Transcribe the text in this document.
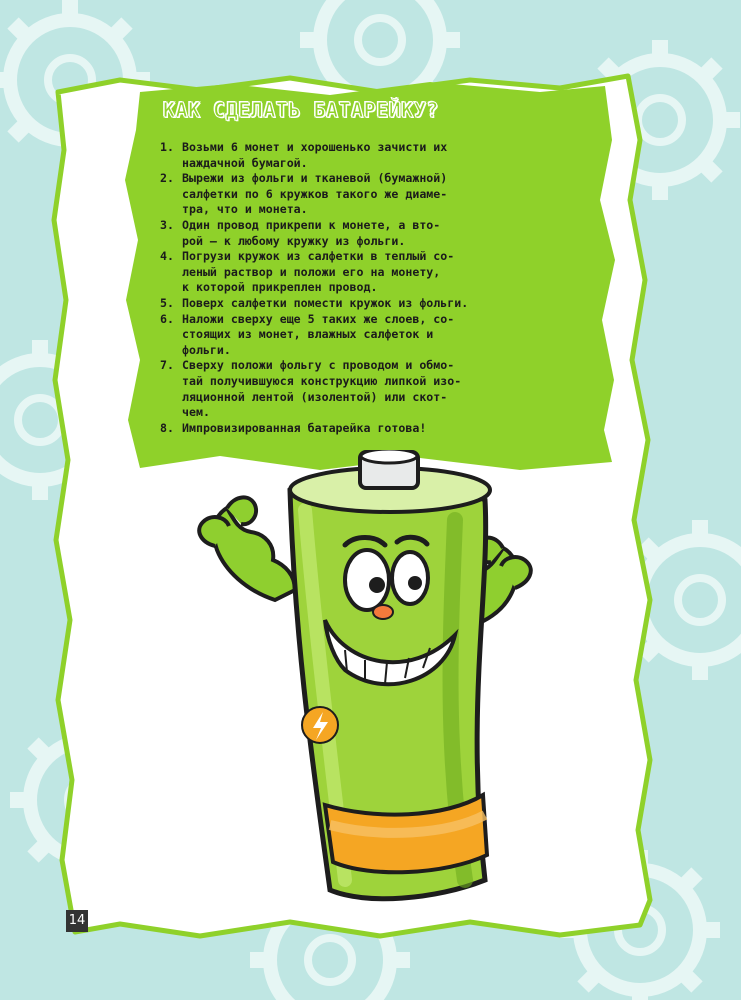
КАК СДЕЛАТЬ БАТАРЕЙКУ?
1. Возьми 6 монет и хорошенько зачисти их
наждачной бумагой.
2. Вырежи из фольги и тканевой (бумажной)
салфетки по 6 кружков такого же диаме-
тра, что и монета.
3. Один провод прикрепи к монете, а вто-
рой — к любому кружку из фольги.
4. Погрузи кружок из салфетки в теплый со-
леный раствор и положи его на монету,
к которой прикреплен провод.
5. Поверх салфетки помести кружок из фольги.
6. Наложи сверху еще 5 таких же слоев, со-
стоящих из монет, влажных салфеток и
фольги.
7. Сверху положи фольгу с проводом и обмо-
тай получившуюся конструкцию липкой изо-
ляционной лентой (изолентой) или скот-
чем.
8. Импровизированная батарейка готова!
14
